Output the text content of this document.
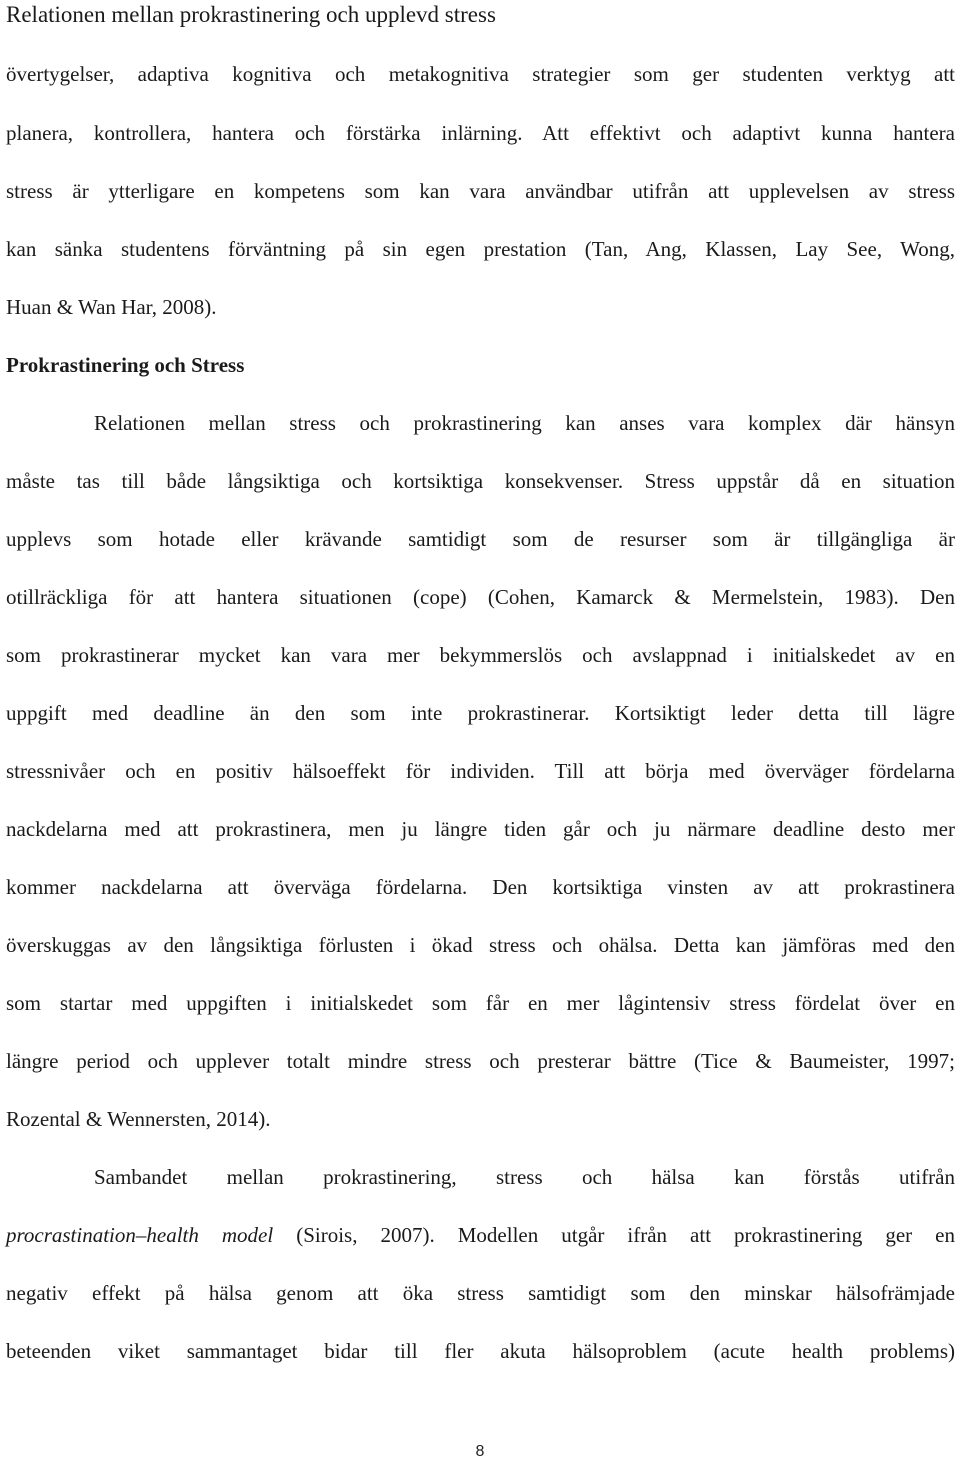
Relationen mellan prokrastinering och upplevd stress
övertygelser, adaptiva kognitiva och metakognitiva strategier som ger studenten verktyg att
planera, kontrollera, hantera och förstärka inlärning. Att effektivt och adaptivt kunna hantera
stress är ytterligare en kompetens som kan vara användbar utifrån att upplevelsen av stress
kan sänka studentens förväntning på sin egen prestation (Tan, Ang, Klassen, Lay See, Wong,
Huan & Wan Har, 2008).
Prokrastinering och Stress
Relationen mellan stress och prokrastinering kan anses vara komplex där hänsyn
måste tas till både långsiktiga och kortsiktiga konsekvenser. Stress uppstår då en situation
upplevs som hotade eller krävande samtidigt som de resurser som är tillgängliga är
otillräckliga för att hantera situationen (cope) (Cohen, Kamarck & Mermelstein, 1983). Den
som prokrastinerar mycket kan vara mer bekymmerslös och avslappnad i initialskedet av en
uppgift med deadline än den som inte prokrastinerar. Kortsiktigt leder detta till lägre
stressnivåer och en positiv hälsoeffekt för individen. Till att börja med överväger fördelarna
nackdelarna med att prokrastinera, men ju längre tiden går och ju närmare deadline desto mer
kommer nackdelarna att överväga fördelarna. Den kortsiktiga vinsten av att prokrastinera
överskuggas av den långsiktiga förlusten i ökad stress och ohälsa. Detta kan jämföras med den
som startar med uppgiften i initialskedet som får en mer lågintensiv stress fördelat över en
längre period och upplever totalt mindre stress och presterar bättre (Tice & Baumeister, 1997;
Rozental & Wennersten, 2014).
Sambandet mellan prokrastinering, stress och hälsa kan förstås utifrån
procrastination–health model (Sirois, 2007). Modellen utgår ifrån att prokrastinering ger en
negativ effekt på hälsa genom att öka stress samtidigt som den minskar hälsofrämjade
beteenden viket sammantaget bidar till fler akuta hälsoproblem (acute health problems)
8
